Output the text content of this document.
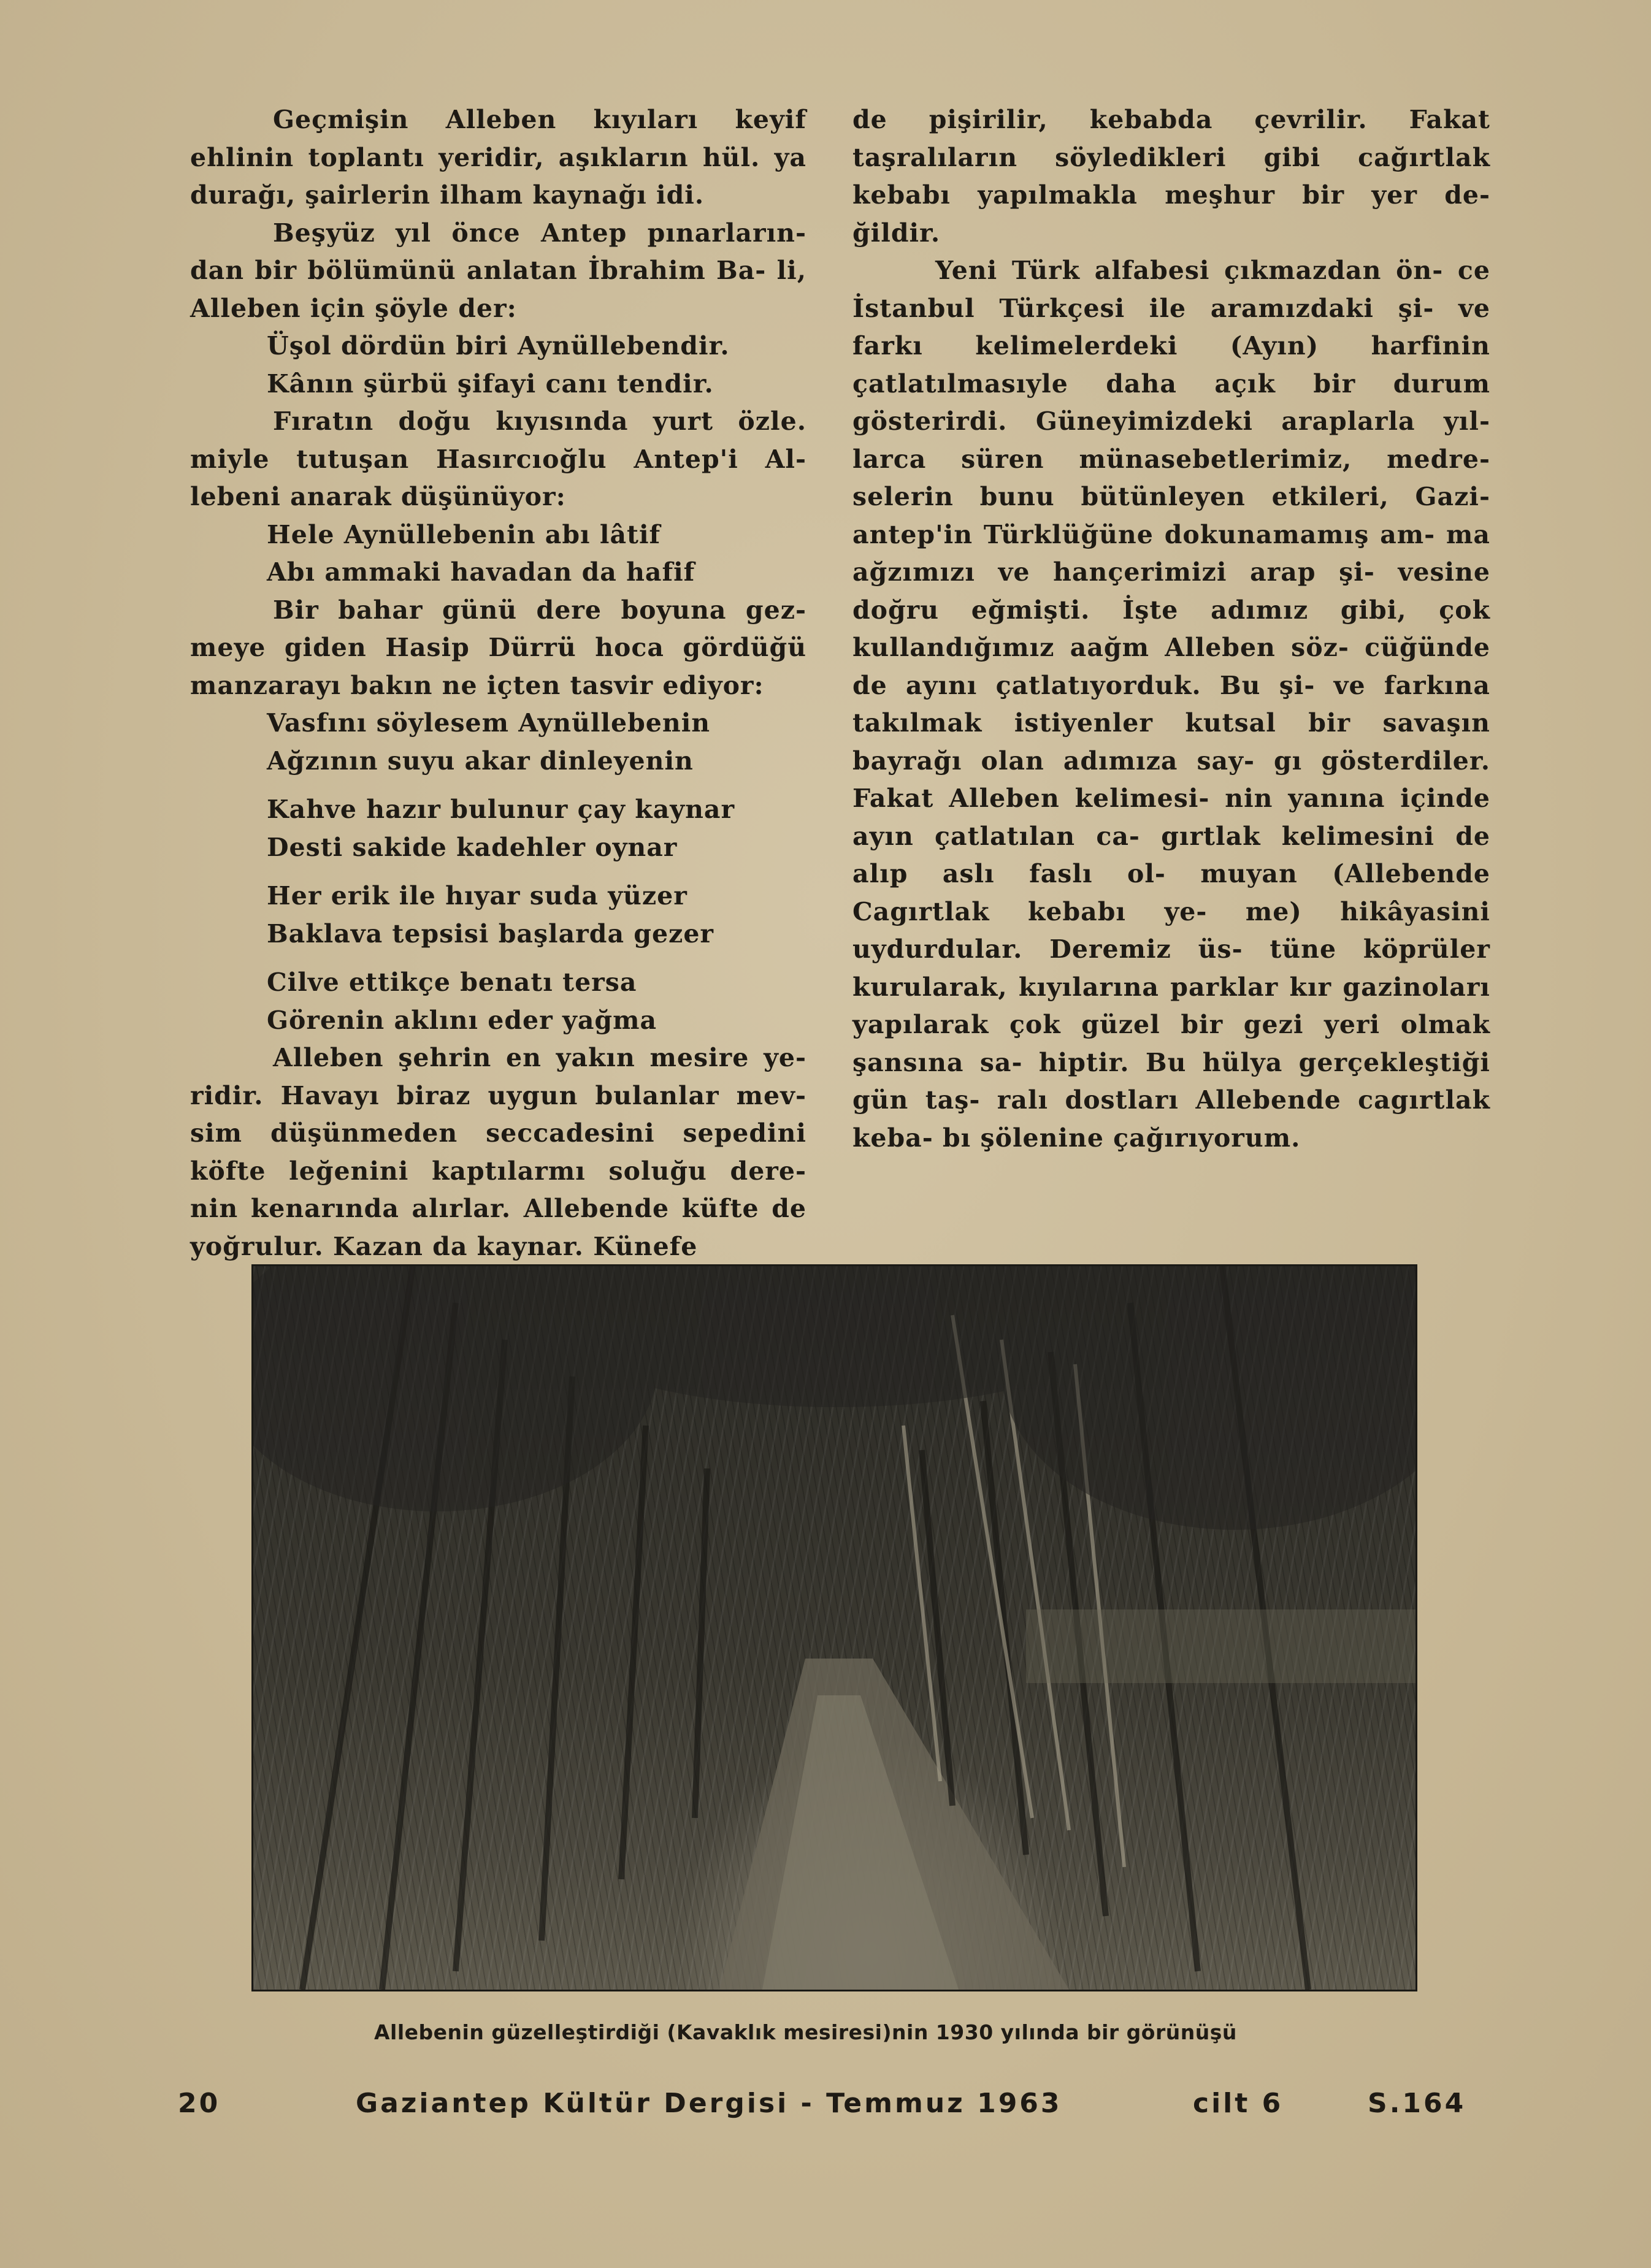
Geçmişin Alleben kıyıları keyif ehlinin toplantı yeridir, aşıkların hül. ya durağı, şairlerin ilham kaynağı idi.

Beşyüz yıl önce Antep pınarların- dan bir bölümünü anlatan İbrahim Ba- li, Alleben için şöyle der:

Üşol dördün biri Aynüllebendir.
Kânın şürbü şifayi canı tendir.

Fıratın doğu kıyısında yurt özle. miyle tutuşan Hasırcıoğlu Antep'i Al- lebeni anarak düşünüyor:

Hele Aynüllebenin abı lâtif
Abı ammaki havadan da hafif

Bir bahar günü dere boyuna gez- meye giden Hasip Dürrü hoca gördüğü manzarayı bakın ne içten tasvir ediyor:

Vasfını söylesem Aynüllebenin
Ağzının suyu akar dinleyenin
Kahve hazır bulunur çay kaynar
Desti sakide kadehler oynar
Her erik ile hıyar suda yüzer
Baklava tepsisi başlarda gezer
Cilve ettikçe benatı tersa
Görenin aklını eder yağma

Alleben şehrin en yakın mesire ye- ridir. Havayı biraz uygun bulanlar mev- sim düşünmeden seccadesini sepedini köfte leğenini kaptılarmı soluğu dere- nin kenarında alırlar. Allebende küfte de yoğrulur. Kazan da kaynar. Künefe

de pişirilir, kebabda çevrilir. Fakat taşralıların söyledikleri gibi cağırtlak kebabı yapılmakla meşhur bir yer de- ğildir.

Yeni Türk alfabesi çıkmazdan ön- ce İstanbul Türkçesi ile aramızdaki şi- ve farkı kelimelerdeki (Ayın) harfinin çatlatılmasıyle daha açık bir durum gösterirdi. Güneyimizdeki araplarla yıl- larca süren münasebetlerimiz, medre- selerin bunu bütünleyen etkileri, Gazi- antep'in Türklüğüne dokunamamış am- ma ağzımızı ve hançerimizi arap şi- vesine doğru eğmişti. İşte adımız gibi, çok kullandığımız aağm Alleben söz- cüğünde de ayını çatlatıyorduk. Bu şi- ve farkına takılmak istiyenler kutsal bir savaşın bayrağı olan adımıza say- gı gösterdiler. Fakat Alleben kelimesi- nin yanına içinde ayın çatlatılan ca- gırtlak kelimesini de alıp aslı faslı ol- muyan (Allebende Cagırtlak kebabı ye- me) hikâyasini uydurdular. Deremiz üs- tüne köprüler kurularak, kıyılarına parklar kır gazinoları yapılarak çok güzel bir gezi yeri olmak şansına sa- hiptir. Bu hülya gerçekleştiği gün taş- ralı dostları Allebende cagırtlak keba- bı şölenine çağırıyorum.

Allebenin güzelleştirdiği (Kavaklık mesiresi)nin 1930 yılında bir görünüşü
20	Gaziantep Kültür Dergisi - Temmuz 1963	cilt 6	S.164
